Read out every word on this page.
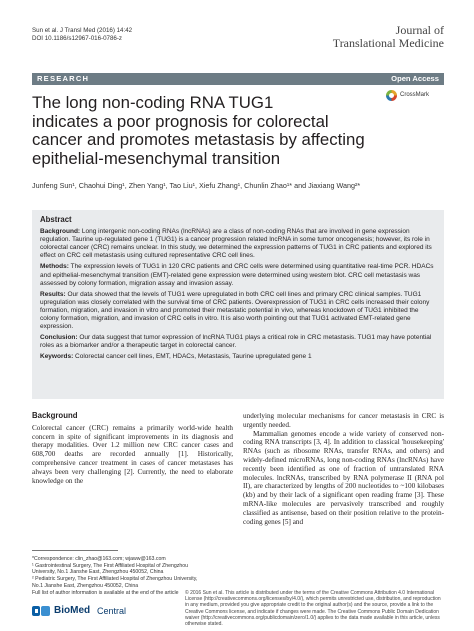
Sun et al. J Transl Med (2016) 14:42
DOI 10.1186/s12967-016-0786-z
Journal of
Translational Medicine
RESEARCH	Open Access
CrossMark
The long non-coding RNA TUG1
indicates a poor prognosis for colorectal
cancer and promotes metastasis by affecting
epithelial-mesenchymal transition
Junfeng Sun¹, Chaohui Ding¹, Zhen Yang¹, Tao Liu¹, Xiefu Zhang¹, Chunlin Zhao¹* and Jiaxiang Wang²*
Abstract

Background: Long intergenic non-coding RNAs (lncRNAs) are a class of non-coding RNAs that are involved in gene expression regulation. Taurine up-regulated gene 1 (TUG1) is a cancer progression related lncRNA in some tumor oncogenesis; however, its role in colorectal cancer (CRC) remains unclear. In this study, we determined the expression patterns of TUG1 in CRC patients and explored its effect on CRC cell metastasis using cultured representative CRC cell lines.

Methods: The expression levels of TUG1 in 120 CRC patients and CRC cells were determined using quantitative real-time PCR. HDACs and epithelial-mesenchymal transition (EMT)-related gene expression were determined using western blot. CRC cell metastasis was assessed by colony formation, migration assay and invasion assay.

Results: Our data showed that the levels of TUG1 were upregulated in both CRC cell lines and primary CRC clinical samples. TUG1 upregulation was closely correlated with the survival time of CRC patients. Overexpression of TUG1 in CRC cells increased their colony formation, migration, and invasion in vitro and promoted their metastatic potential in vivo, whereas knockdown of TUG1 inhibited the colony formation, migration, and invasion of CRC cells in vitro. It is also worth pointing out that TUG1 activated EMT-related gene expression.

Conclusion: Our data suggest that tumor expression of lncRNA TUG1 plays a critical role in CRC metastasis. TUG1 may have potential roles as a biomarker and/or a therapeutic target in colorectal cancer.

Keywords: Colorectal cancer cell lines, EMT, HDACs, Metastasis, Taurine upregulated gene 1

Background

Colorectal cancer (CRC) remains a primarily world-wide health concern in spite of significant improvements in its diagnosis and therapy modalities. Over 1.2 million new CRC cancer cases and 608,700 deaths are recorded annually [1]. Historically, comprehensive cancer treatment in cases of cancer metastases has always been very challenging [2]. Currently, the need to elaborate knowledge on the

underlying molecular mechanisms for cancer metastasis in CRC is urgently needed.

Mammalian genomes encode a wide variety of conserved non-coding RNA transcripts [3, 4]. In addition to classical 'housekeeping' RNAs (such as ribosome RNAs, transfer RNAs, and others) and widely-defined microRNAs, long non-coding RNAs (lncRNAs) have recently been identified as one of fraction of untranslated RNA molecules. lncRNAs, transcribed by RNA polymerase II (RNA pol II), are characterized by lengths of 200 nucleotides to ~100 kilobases (kb) and by their lack of a significant open reading frame [3]. These mRNA-like molecules are pervasively transcribed and roughly classified as antisense, based on their position relative to the protein-coding genes [5] and

*Correspondence: clin_zhao@163.com; wjaww@163.com
¹ Gastrointestinal Surgery, The First Affiliated Hospital of Zhengzhou
University, No.1 Jianshe East, Zhengzhou 450052, China
² Pediatric Surgery, The First Affiliated Hospital of Zhengzhou University,
No.1 Jianshe East, Zhengzhou 450052, China
Full list of author information is available at the end of the article
BioMed Central
© 2016 Sun et al. This article is distributed under the terms of the Creative Commons Attribution 4.0 International License (http://creativecommons.org/licenses/by/4.0/), which permits unrestricted use, distribution, and reproduction in any medium, provided you give appropriate credit to the original author(s) and the source, provide a link to the Creative Commons license, and indicate if changes were made. The Creative Commons Public Domain Dedication waiver (http://creativecommons.org/publicdomain/zero/1.0/) applies to the data made available in this article, unless otherwise stated.
